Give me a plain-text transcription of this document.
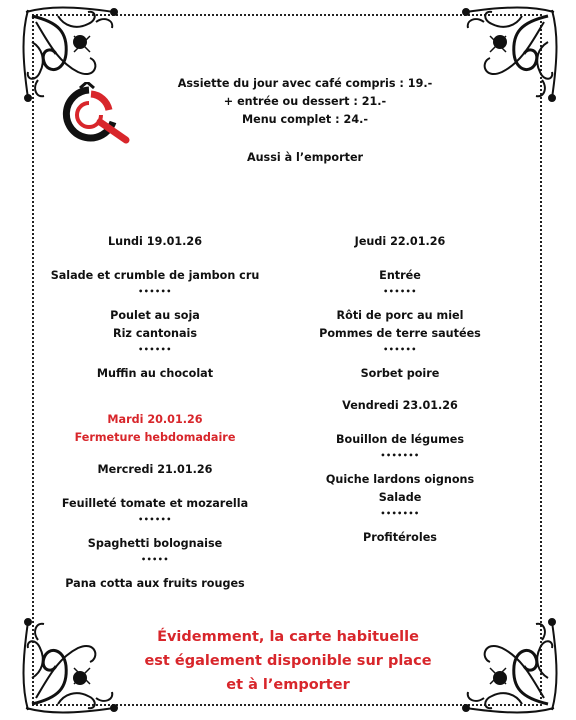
Assiette du jour avec café compris : 19.-
+ entrée ou dessert : 21.-
Menu complet : 24.-
Aussi à l’emporter
Lundi 19.01.26
Salade et crumble de jambon cru
••••••
Poulet au soja
Riz cantonais
••••••
Muffin au chocolat
Mardi 20.01.26
Fermeture hebdomadaire
Mercredi 21.01.26
Feuilleté tomate et mozarella
••••••
Spaghetti bolognaise
•••••
Pana cotta aux fruits rouges
Jeudi 22.01.26
Entrée
••••••
Rôti de porc au miel
Pommes de terre sautées
••••••
Sorbet poire
Vendredi 23.01.26
Bouillon de légumes
•••••••
Quiche lardons oignons
Salade
•••••••
Profitéroles
Évidemment, la carte habituelle
est également disponible sur place
et à l’emporter
